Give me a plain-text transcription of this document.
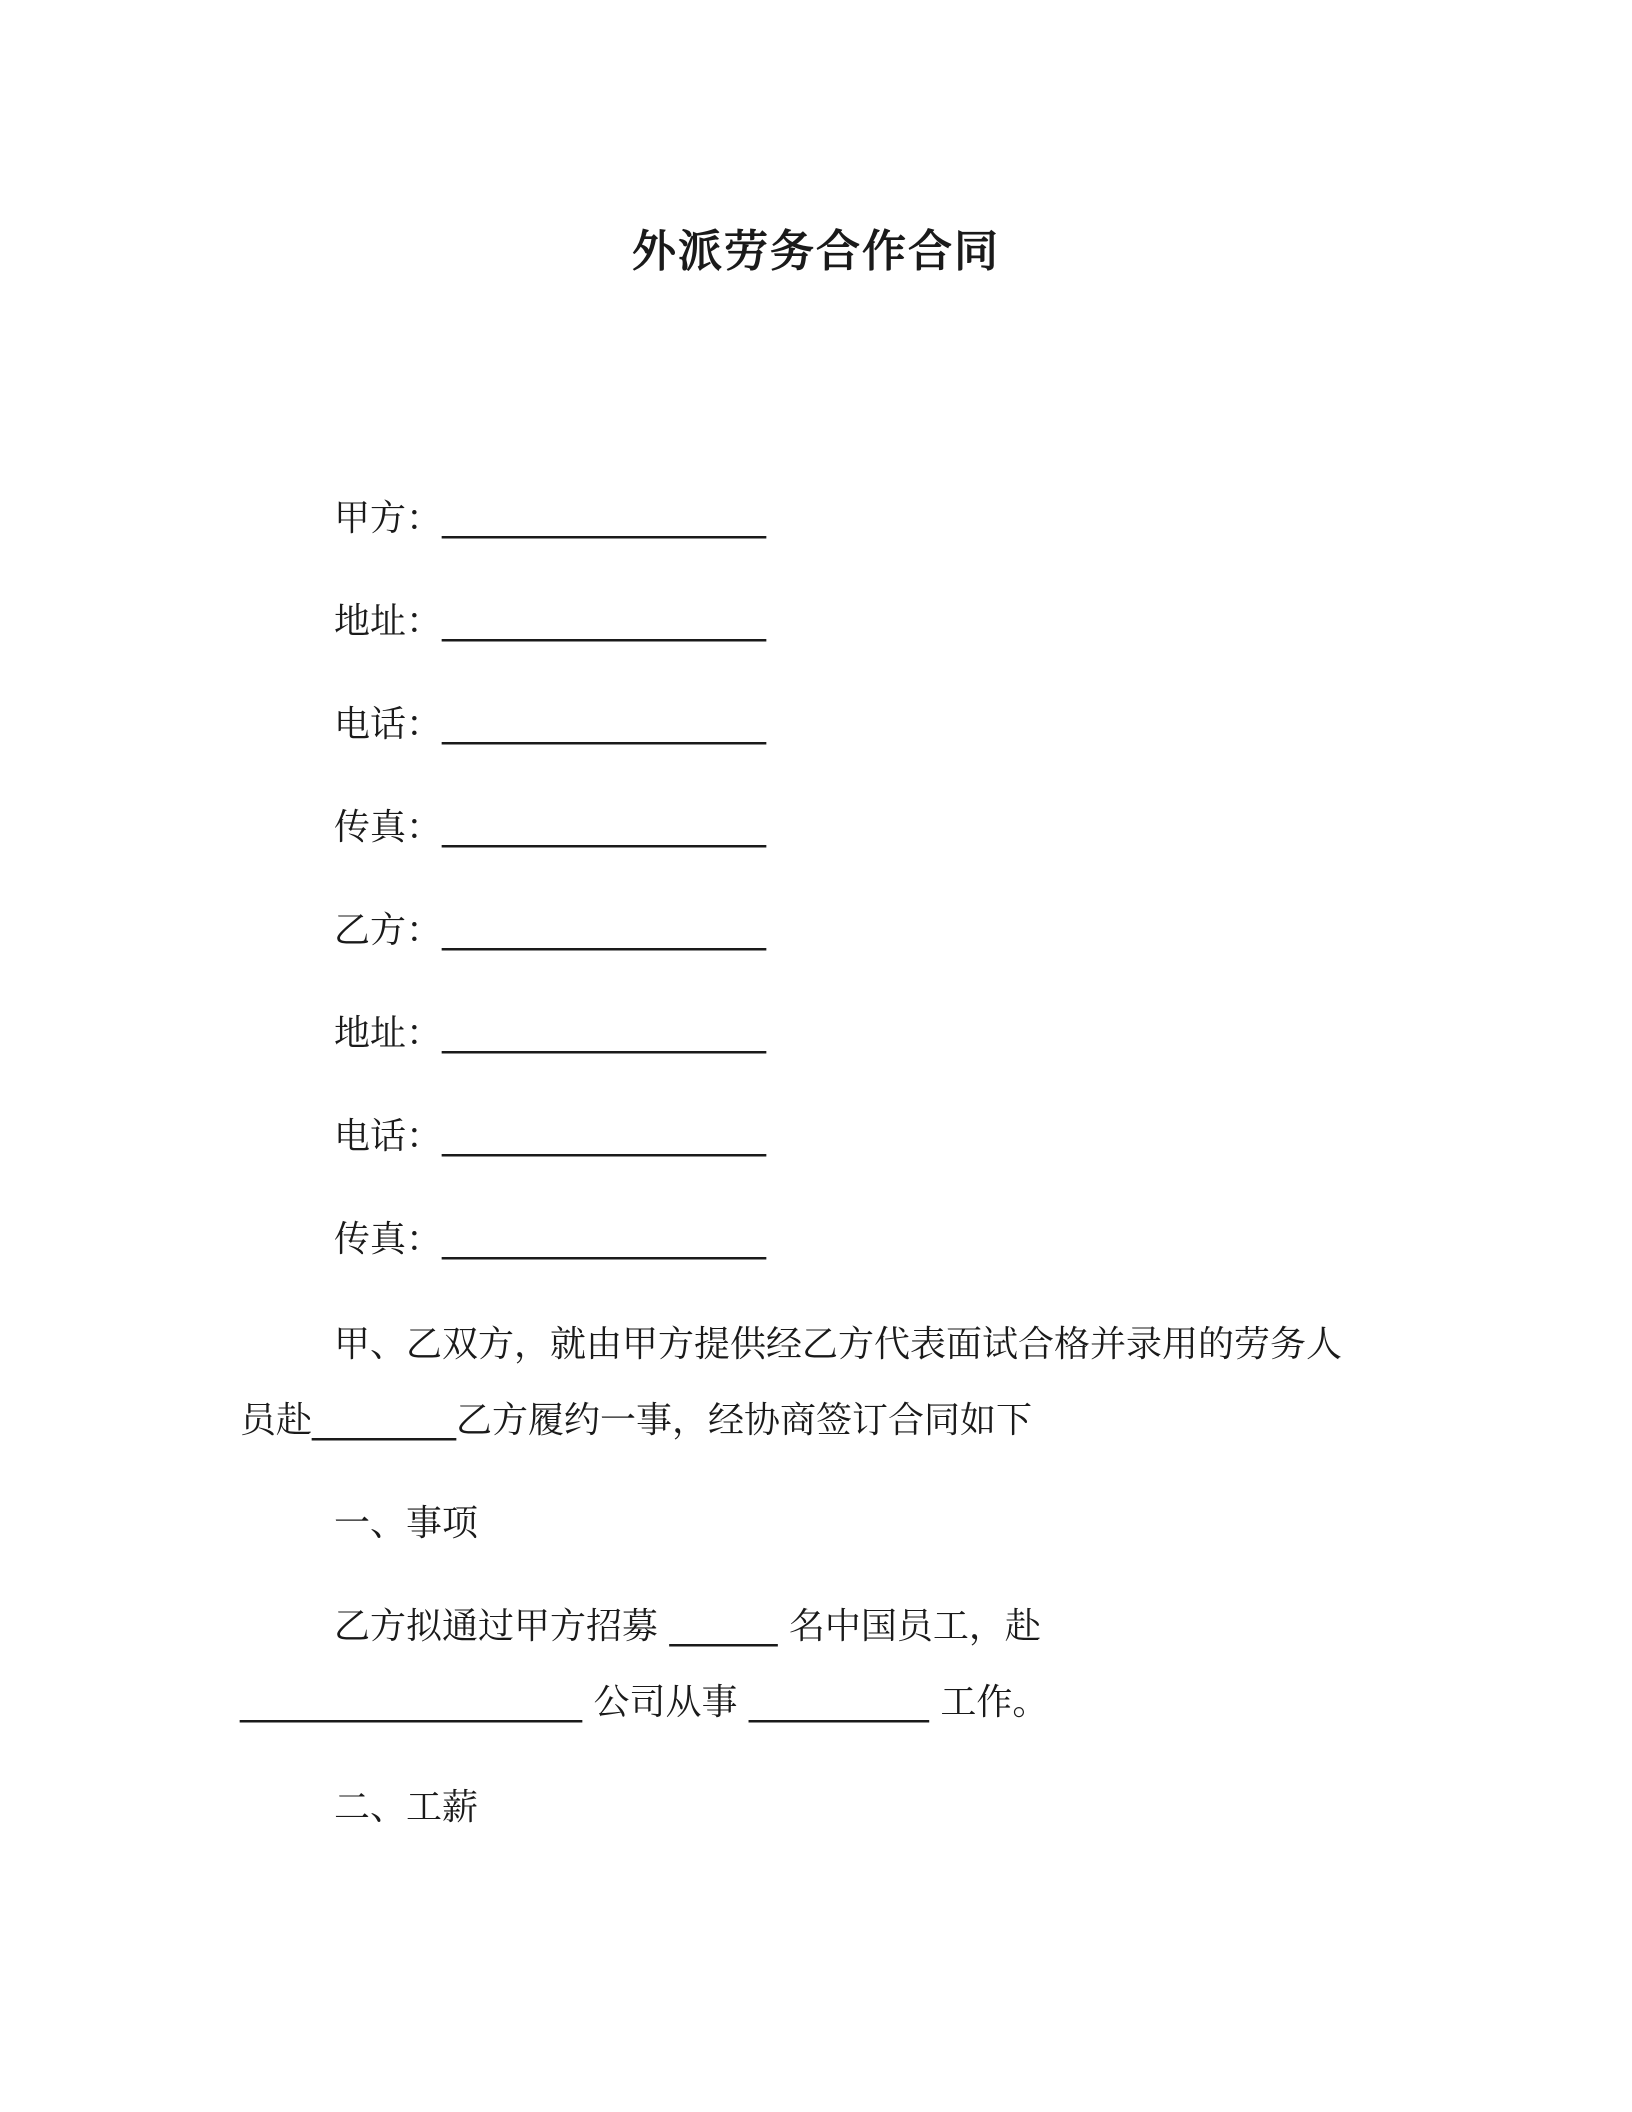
外派劳务合作合同
甲方：__________________
地址：__________________
电话：__________________
传真：__________________
乙方：__________________
地址：__________________
电话：__________________
传真：__________________
甲、乙双方，就由甲方提供经乙方代表面试合格并录用的劳务人
员赴________乙方履约一事，经协商签订合同如下
一、事项
乙方拟通过甲方招募 ______ 名中国员工，赴
___________________ 公司从事 __________ 工作。
二、工薪
